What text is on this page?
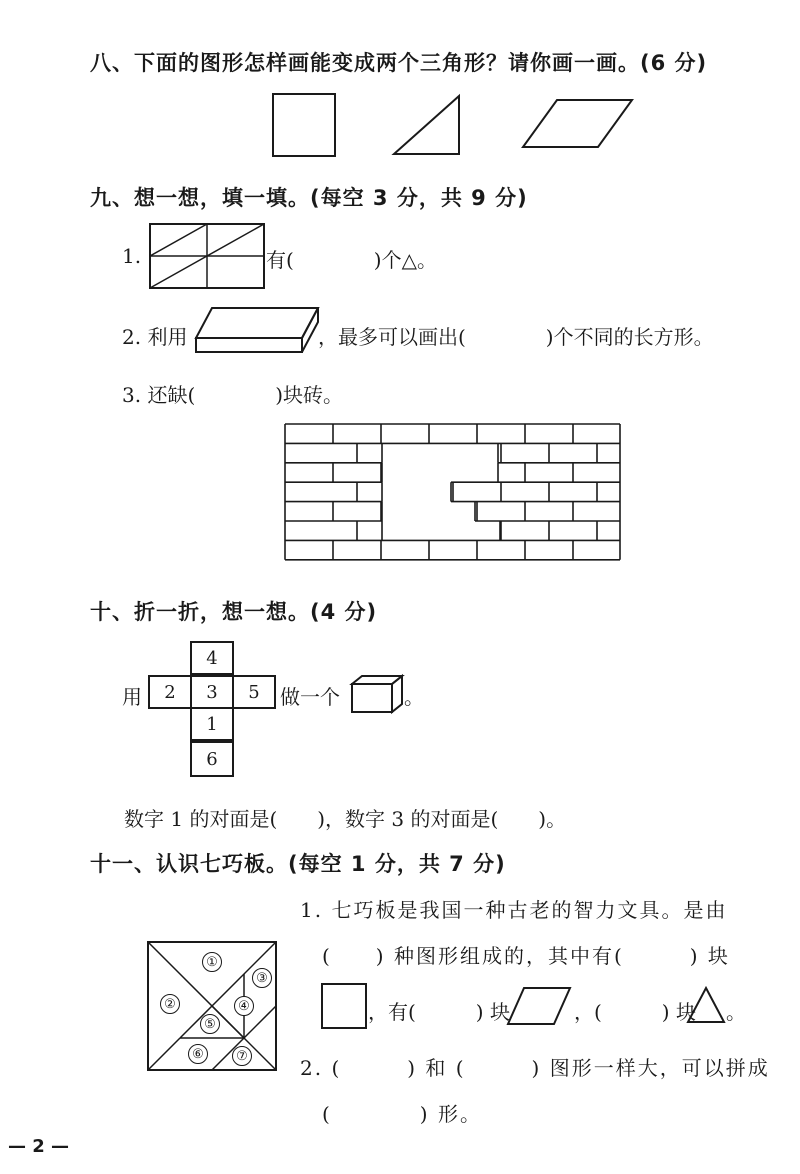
八、下面的图形怎样画能变成两个三角形？请你画一画。(6 分)
九、想一想，填一填。(每空 3 分，共 9 分)
1.	有(　　　　)个△。
2. 利用	，最多可以画出(　　　　)个不同的长方形。
3. 还缺(　　　　)块砖。
十、折一折，想一想。(4 分)
用
4
2	3	5
1
6
做一个	。
数字 1 的对面是(　　)，数字 3 的对面是(　　)。
十一、认识七巧板。(每空 1 分，共 7 分)
①
②
③
④
⑤
⑥	⑦
1. 七巧板是我国一种古老的智力文具。是由
(　　) 种图形组成的，其中有(　　　) 块
，有(　　　) 块	，(　　　) 块 。
2. (　　　) 和 (　　　) 图形一样大，可以拼成
(　　　　) 形。
— 2 —
